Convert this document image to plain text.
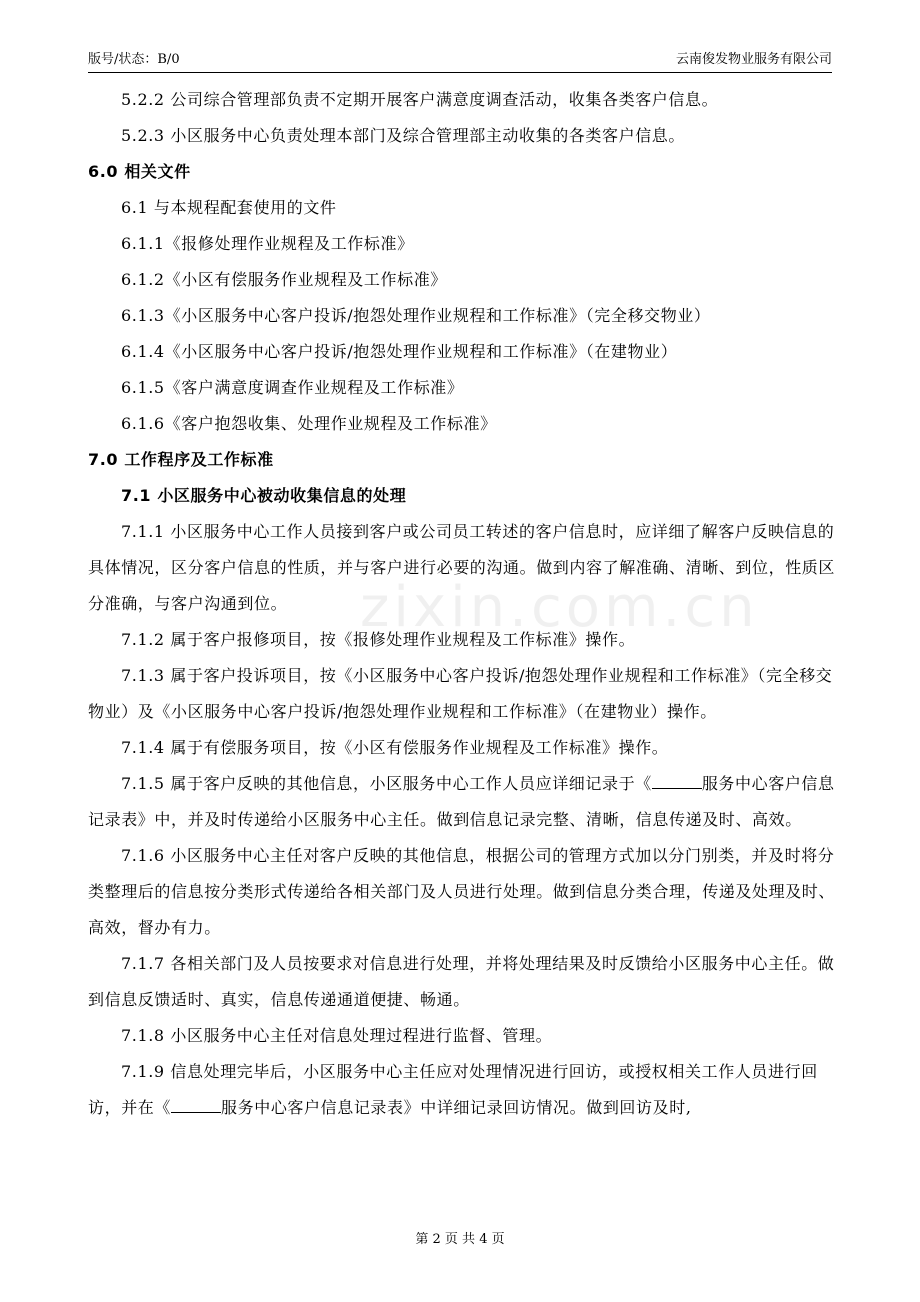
版号/状态：B/0	云南俊发物业服务有限公司
zixin.com.cn

5.2.2 公司综合管理部负责不定期开展客户满意度调查活动，收集各类客户信息。

5.2.3 小区服务中心负责处理本部门及综合管理部主动收集的各类客户信息。

6.0 相关文件

6.1 与本规程配套使用的文件

6.1.1《报修处理作业规程及工作标准》

6.1.2《小区有偿服务作业规程及工作标准》

6.1.3《小区服务中心客户投诉/抱怨处理作业规程和工作标准》（完全移交物业）

6.1.4《小区服务中心客户投诉/抱怨处理作业规程和工作标准》（在建物业）

6.1.5《客户满意度调查作业规程及工作标准》

6.1.6《客户抱怨收集、处理作业规程及工作标准》

7.0 工作程序及工作标准

7.1 小区服务中心被动收集信息的处理

7.1.1 小区服务中心工作人员接到客户或公司员工转述的客户信息时，应详细了解客户反映信息的具体情况，区分客户信息的性质，并与客户进行必要的沟通。做到内容了解准确、清晰、到位，性质区分准确，与客户沟通到位。

7.1.2 属于客户报修项目，按《报修处理作业规程及工作标准》操作。

7.1.3 属于客户投诉项目，按《小区服务中心客户投诉/抱怨处理作业规程和工作标准》（完全移交物业）及《小区服务中心客户投诉/抱怨处理作业规程和工作标准》（在建物业）操作。

7.1.4 属于有偿服务项目，按《小区有偿服务作业规程及工作标准》操作。

7.1.5 属于客户反映的其他信息，小区服务中心工作人员应详细记录于《	服务中心客户信息记录表》中，并及时传递给小区服务中心主任。做到信息记录完整、清晰，信息传递及时、高效。

7.1.6 小区服务中心主任对客户反映的其他信息，根据公司的管理方式加以分门别类，并及时将分类整理后的信息按分类形式传递给各相关部门及人员进行处理。做到信息分类合理，传递及处理及时、高效，督办有力。

7.1.7 各相关部门及人员按要求对信息进行处理，并将处理结果及时反馈给小区服务中心主任。做到信息反馈适时、真实，信息传递通道便捷、畅通。

7.1.8 小区服务中心主任对信息处理过程进行监督、管理。

7.1.9 信息处理完毕后，小区服务中心主任应对处理情况进行回访，或授权相关工作人员进行回访，并在《	服务中心客户信息记录表》中详细记录回访情况。做到回访及时,

第 2 页 共 4 页
